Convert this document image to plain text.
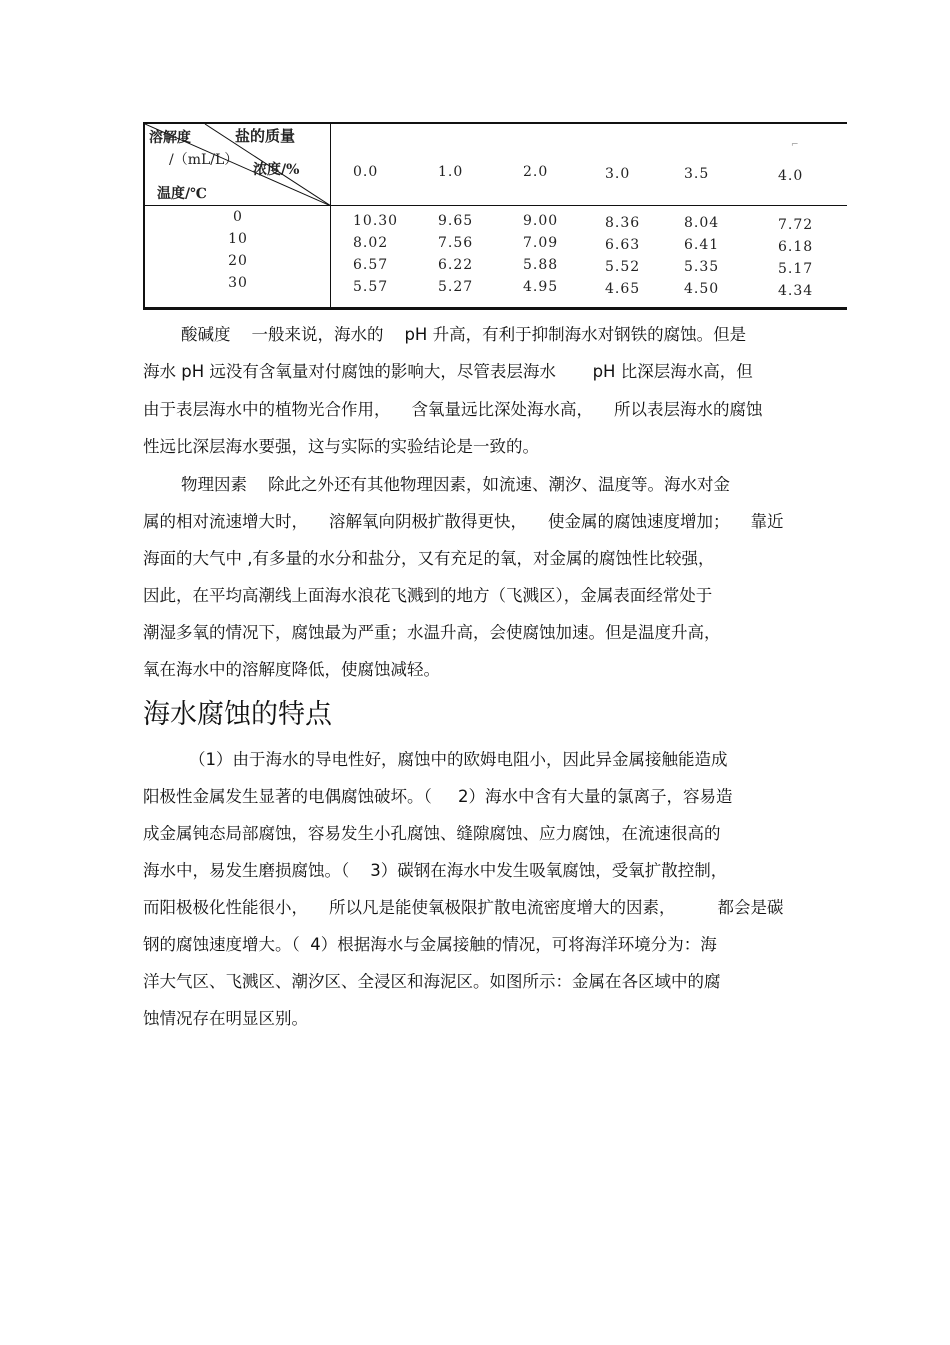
溶解度	盐的质量
/（mL/L）
浓度/%
温度/℃
⌐
0.0	1.0	2.0	3.0	3.5	4.0
0	10.30	9.65	9.00	8.36	8.04	7.72
10	8.02	7.56	7.09	6.63	6.41	6.18
20	6.57	6.22	5.88	5.52	5.35	5.17
30	5.57	5.27	4.95	4.65	4.50	4.34
酸碱度    一般来说，海水的    pH 升高，有利于抑制海水对钢铁的腐蚀。但是
海水 pH 远没有含氧量对付腐蚀的影响大，尽管表层海水       pH 比深层海水高，但
由于表层海水中的植物光合作用，    含氧量远比深处海水高，    所以表层海水的腐蚀
性远比深层海水要强，这与实际的实验结论是一致的。
物理因素    除此之外还有其他物理因素，如流速、潮汐、温度等。海水对金
属的相对流速增大时，    溶解氧向阴极扩散得更快，    使金属的腐蚀速度增加；    靠近
海面的大气中 ,有多量的水分和盐分，又有充足的氧，对金属的腐蚀性比较强，
因此，在平均高潮线上面海水浪花飞溅到的地方（飞溅区），金属表面经常处于
潮湿多氧的情况下，腐蚀最为严重；水温升高，会使腐蚀加速。但是温度升高，
氧在海水中的溶解度降低，使腐蚀减轻。
海水腐蚀的特点
（1）由于海水的导电性好，腐蚀中的欧姆电阻小，因此异金属接触能造成
阳极性金属发生显著的电偶腐蚀破坏。（     2）海水中含有大量的氯离子，容易造
成金属钝态局部腐蚀，容易发生小孔腐蚀、缝隙腐蚀、应力腐蚀，在流速很高的
海水中，易发生磨损腐蚀。（    3）碳钢在海水中发生吸氧腐蚀，受氧扩散控制，
而阳极极化性能很小，    所以凡是能使氧极限扩散电流密度增大的因素，        都会是碳
钢的腐蚀速度增大。（  4）根据海水与金属接触的情况，可将海洋环境分为：海
洋大气区、飞溅区、潮汐区、全浸区和海泥区。如图所示：金属在各区域中的腐
蚀情况存在明显区别。
